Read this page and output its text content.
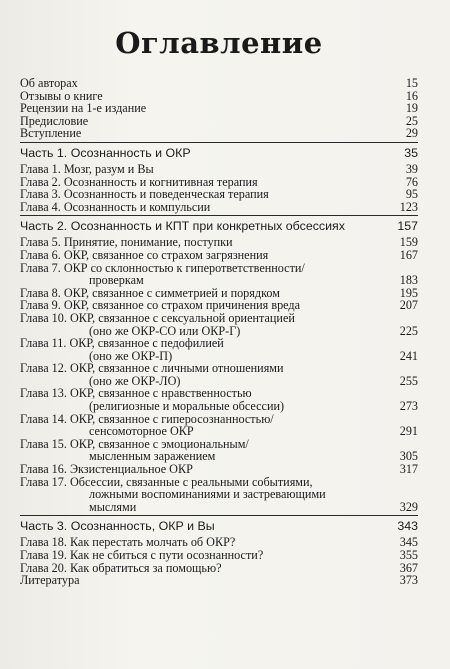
Оглавление
Об авторах	15
Отзывы о книге	16
Рецензии на 1-е издание	19
Предисловие	25
Вступление	29
Часть 1. Осознанность и ОКР	35
Глава 1. Мозг, разум и Вы	39
Глава 2. Осознанность и когнитивная терапия	76
Глава 3. Осознанность и поведенческая терапия	95
Глава 4. Осознанность и компульсии	123
Часть 2. Осознанность и КПТ при конкретных обсессиях	157
Глава 5. Принятие, понимание, поступки	159
Глава 6. ОКР, связанное со страхом загрязнения	167
Глава 7. ОКР со склонностью к гиперответственности/
проверкам	183
Глава 8. ОКР, связанное с симметрией и порядком	195
Глава 9. ОКР, связанное со страхом причинения вреда	207
Глава 10. ОКР, связанное с сексуальной ориентацией
(оно же ОКР-СО или ОКР-Г)	225
Глава 11. ОКР, связанное с педофилией
(оно же ОКР-П)	241
Глава 12. ОКР, связанное с личными отношениями
(оно же ОКР-ЛО)	255
Глава 13. ОКР, связанное с нравственностью
(религиозные и моральные обсессии)	273
Глава 14. ОКР, связанное с гиперосознанностью/
сенсомоторное ОКР	291
Глава 15. ОКР, связанное с эмоциональным/
мысленным заражением	305
Глава 16. Экзистенциальное ОКР	317
Глава 17. Обсессии, связанные с реальными событиями,
ложными воспоминаниями и застревающими
мыслями	329
Часть 3. Осознанность, ОКР и Вы	343
Глава 18. Как перестать молчать об ОКР?	345
Глава 19. Как не сбиться с пути осознанности?	355
Глава 20. Как обратиться за помощью?	367
Литература	373
